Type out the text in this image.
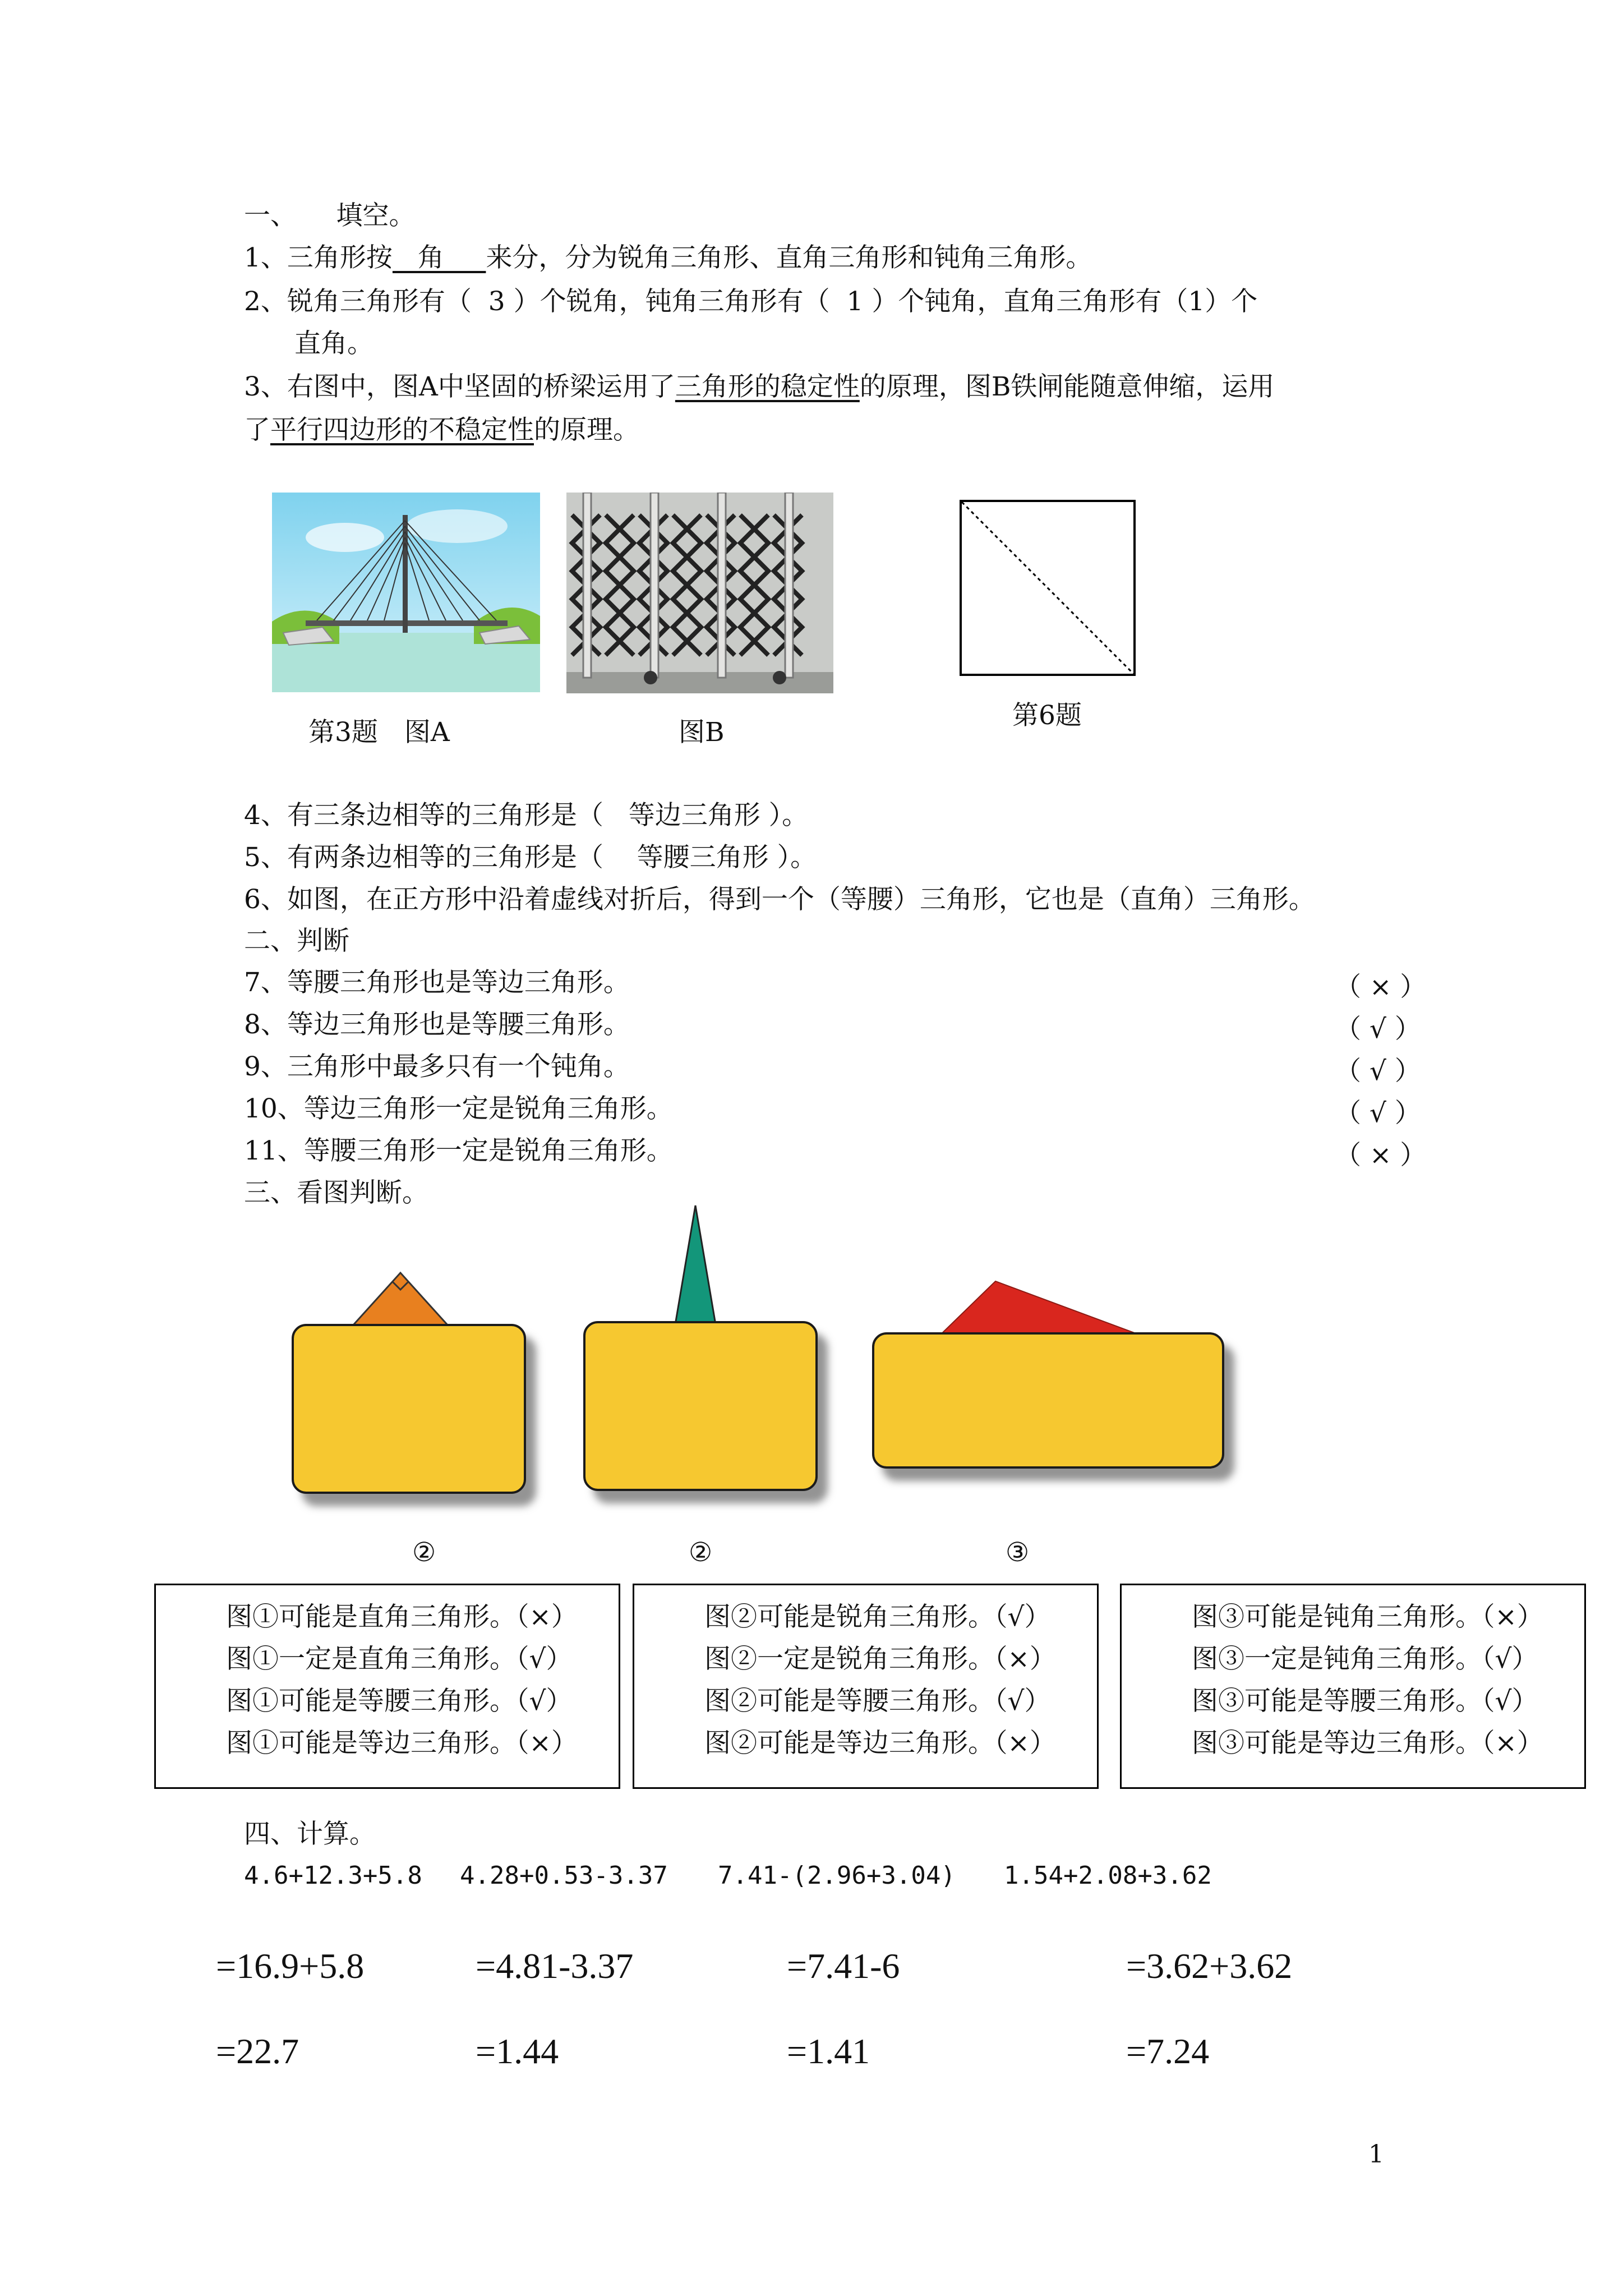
一、　　填空。
1、三角形按   角     来分，分为锐角三角形、直角三角形和钝角三角形。
2、锐角三角形有（  3 ）个锐角，钝角三角形有（  1 ）个钝角，直角三角形有（1）个
直角。
3、右图中，图A中坚固的桥梁运用了三角形的稳定性的原理，图B铁闸能随意伸缩，运用
了平行四边形的不稳定性的原理。
第3题　图A	图B
第6题
4、有三条边相等的三角形是（   等边三角形 ）。
5、有两条边相等的三角形是（    等腰三角形 ）。
6、如图，在正方形中沿着虚线对折后，得到一个（等腰）三角形，它也是（直角）三角形。
二、判断
7、等腰三角形也是等边三角形。	（ × ）
8、等边三角形也是等腰三角形。	（ √ ）
9、三角形中最多只有一个钝角。	（ √ ）
10、等边三角形一定是锐角三角形。	（ √ ）
11、等腰三角形一定是锐角三角形。	（ × ）
三、看图判断。
②	②	③
图①可能是直角三角形。（×）
图①一定是直角三角形。（√）
图①可能是等腰三角形。（√）
图①可能是等边三角形。（×）
图②可能是锐角三角形。（√）
图②一定是锐角三角形。（×）
图②可能是等腰三角形。（√）
图②可能是等边三角形。（×）
图③可能是钝角三角形。（×）
图③一定是钝角三角形。（√）
图③可能是等腰三角形。（√）
图③可能是等边三角形。（×）
四、计算。
4.6+12.3+5.8 4.28+0.53-3.37 7.41-(2.96+3.04) 1.54+2.08+3.62
=16.9+5.8	=4.81-3.37	=7.41-6	=3.62+3.62
=22.7	=1.44	=1.41	=7.24
1
